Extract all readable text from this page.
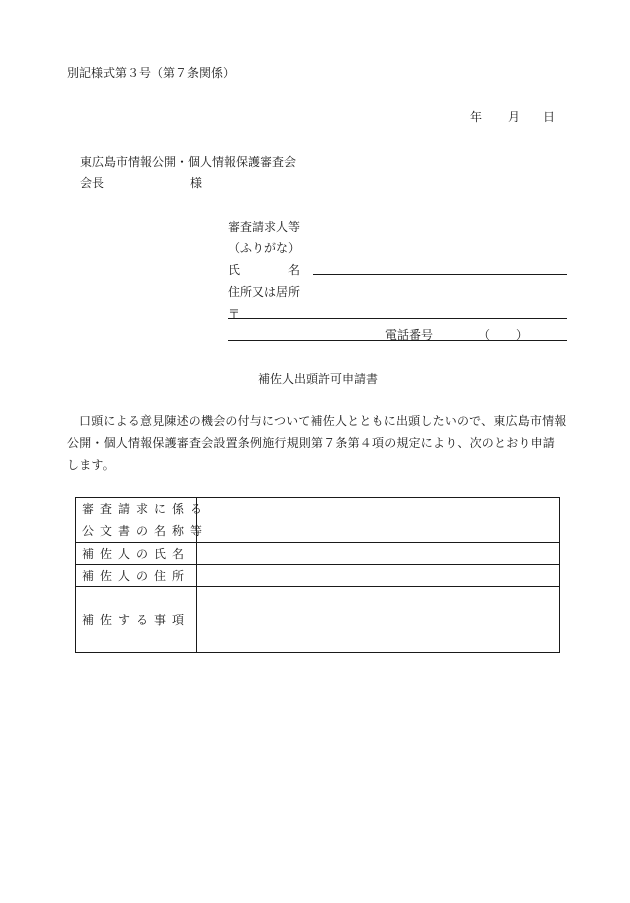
別記様式第３号（第７条関係）
年 月 日
東広島市情報公開・個人情報保護審査会
会長	様
審査請求人等
（ふりがな）
氏	名
住所又は居所
〒
電話番号	（ ）
補佐人出頭許可申請書
口頭による意見陳述の機会の付与について補佐人とともに出頭したいので、東広島市情報公開・個人情報保護審査会設置条例施行規則第７条第４項の規定により、次のとおり申請します。
審査請求に係る
公文書の名称等	

補佐人の氏名	
補佐人の住所	
補佐する事項	
